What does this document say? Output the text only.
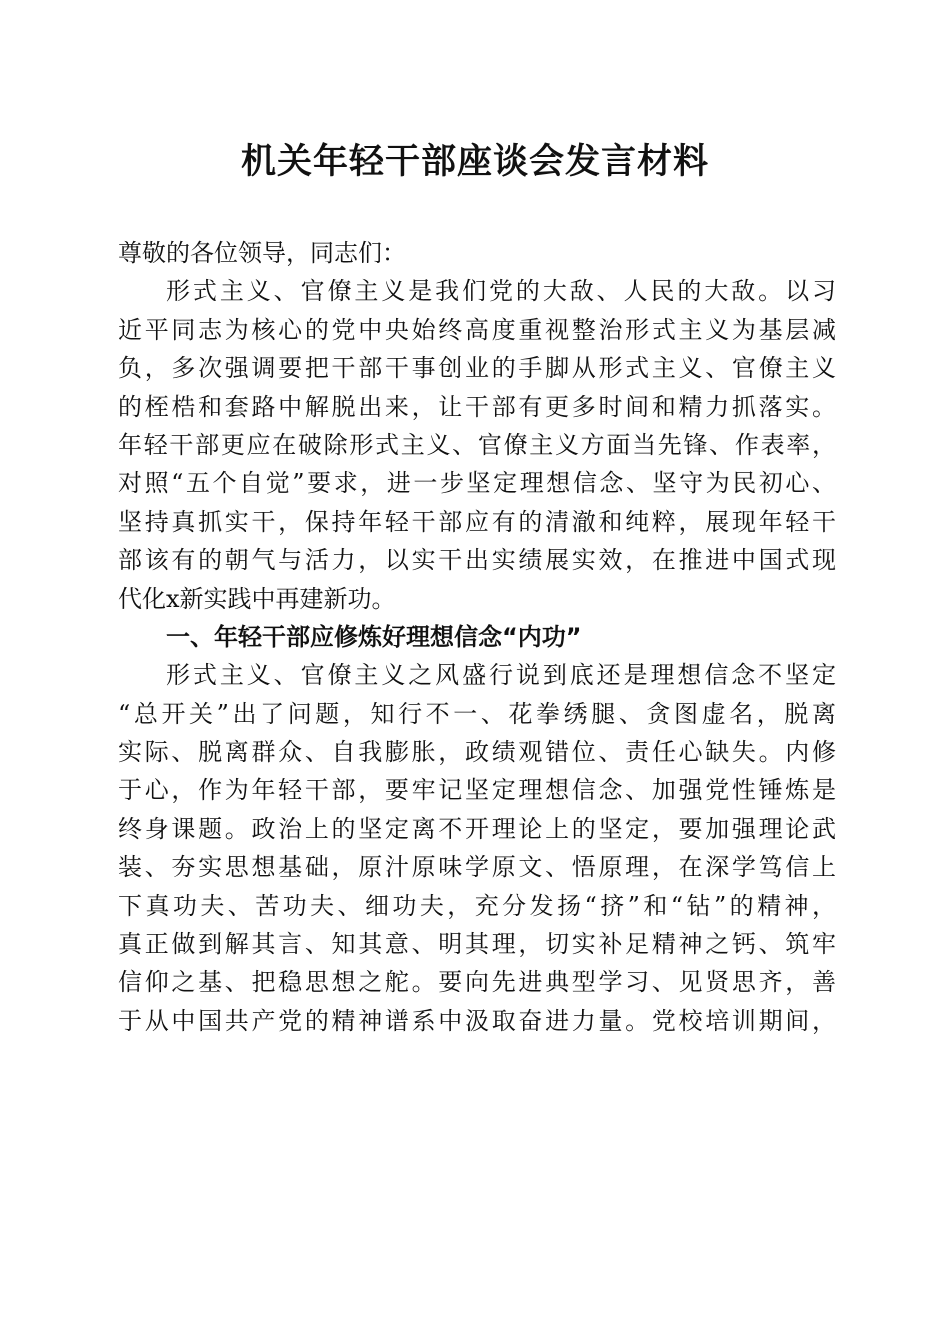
机关年轻干部座谈会发言材料
尊敬的各位领导，同志们：
形式主义、官僚主义是我们党的大敌、人民的大敌。以习
近平同志为核心的党中央始终高度重视整治形式主义为基层减
负，多次强调要把干部干事创业的手脚从形式主义、官僚主义
的桎梏和套路中解脱出来，让干部有更多时间和精力抓落实。
年轻干部更应在破除形式主义、官僚主义方面当先锋、作表率，
对照“五个自觉”要求，进一步坚定理想信念、坚守为民初心、
坚持真抓实干，保持年轻干部应有的清澈和纯粹，展现年轻干
部该有的朝气与活力，以实干出实绩展实效，在推进中国式现
代化x新实践中再建新功。
一、年轻干部应修炼好理想信念“内功”
形式主义、官僚主义之风盛行说到底还是理想信念不坚定
“总开关”出了问题，知行不一、花拳绣腿、贪图虚名，脱离
实际、脱离群众、自我膨胀，政绩观错位、责任心缺失。内修
于心，作为年轻干部，要牢记坚定理想信念、加强党性锤炼是
终身课题。政治上的坚定离不开理论上的坚定，要加强理论武
装、夯实思想基础，原汁原味学原文、悟原理，在深学笃信上
下真功夫、苦功夫、细功夫，充分发扬“挤”和“钻”的精神，
真正做到解其言、知其意、明其理，切实补足精神之钙、筑牢
信仰之基、把稳思想之舵。要向先进典型学习、见贤思齐，善
于从中国共产党的精神谱系中汲取奋进力量。党校培训期间，
